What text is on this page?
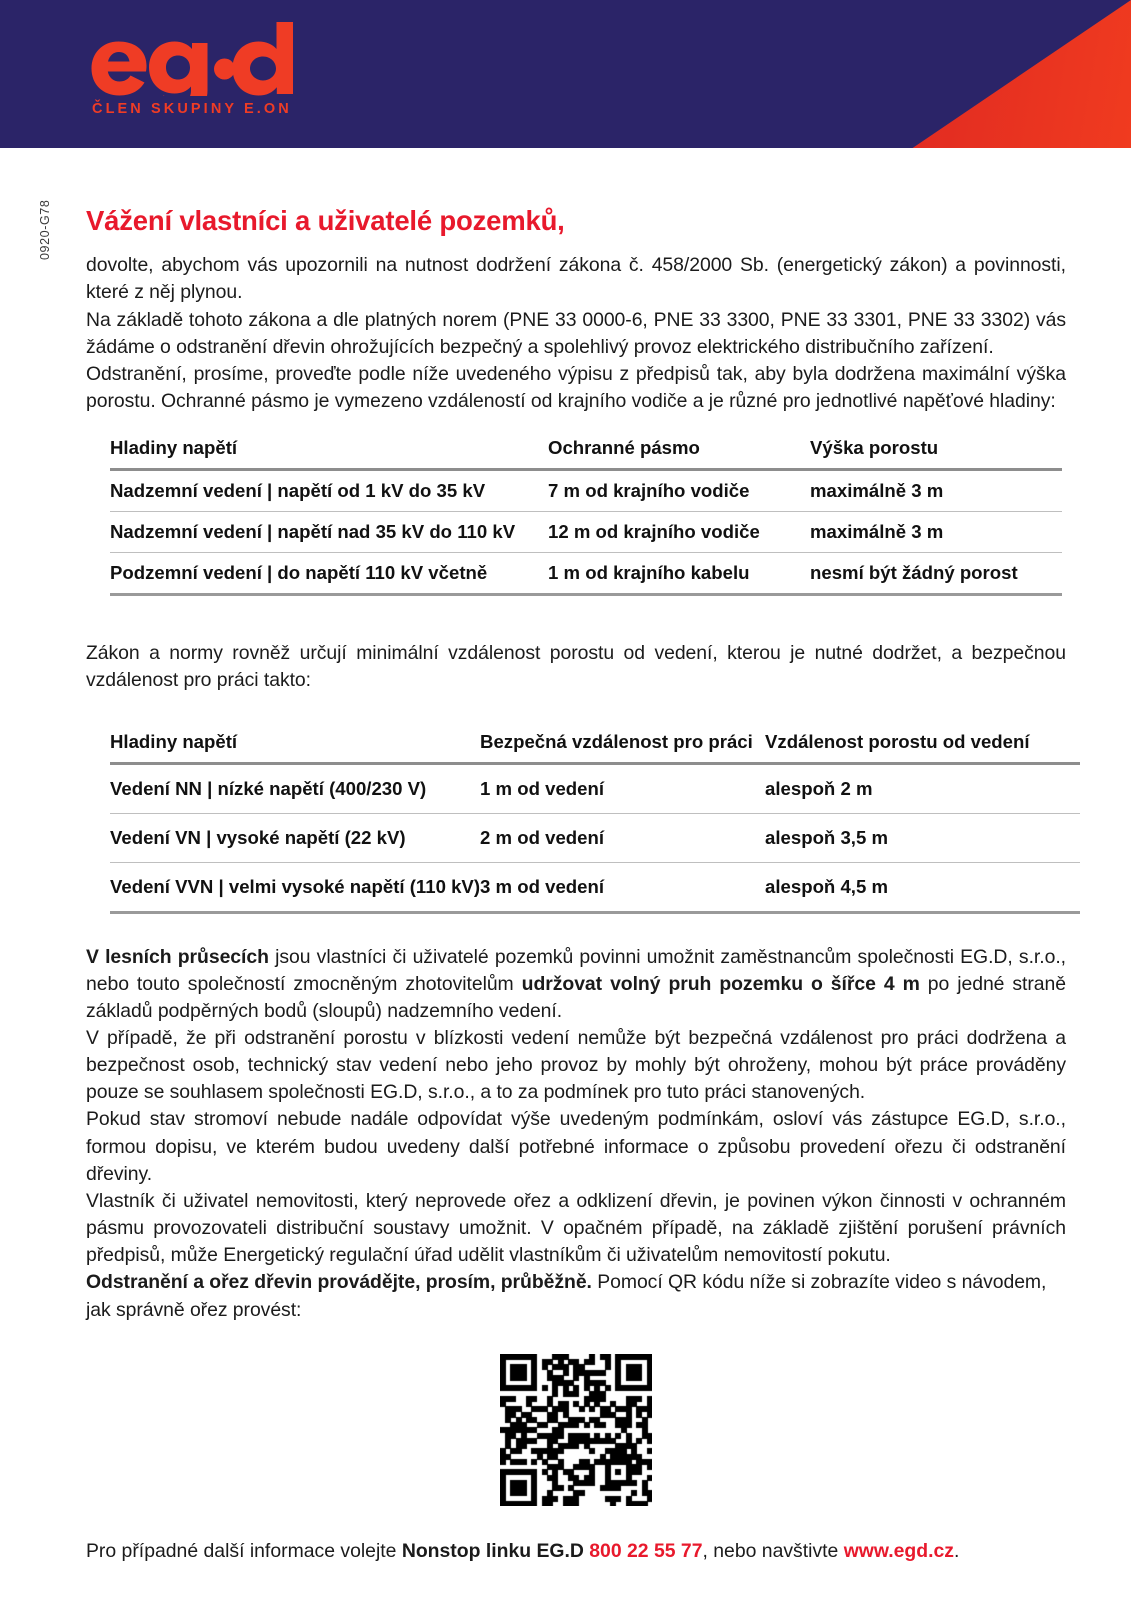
ČLEN SKUPINY E.ON
0920-G78 Vážení vlastníci a uživatelé pozemků,

dovolte, abychom vás upozornili na nutnost dodržení zákona č. 458/2000 Sb. (energetický zákon) a povinnosti, které z něj plynou.

Na základě tohoto zákona a dle platných norem (PNE 33 0000-6, PNE 33 3300, PNE 33 3301, PNE 33 3302) vás žádáme o odstranění dřevin ohrožujících bezpečný a spolehlivý provoz elektrického distribučního zařízení.

Odstranění, prosíme, proveďte podle níže uvedeného výpisu z předpisů tak, aby byla dodržena maximální výška porostu. Ochranné pásmo je vymezeno vzdáleností od krajního vodiče a je různé pro jednotlivé napěťové hladiny:

Hladiny napětí	Ochranné pásmo	Výška porostu
Nadzemní vedení | napětí od 1 kV do 35 kV	7 m od krajního vodiče	maximálně 3 m
Nadzemní vedení | napětí nad 35 kV do 110 kV	12 m od krajního vodiče	maximálně 3 m
Podzemní vedení | do napětí 110 kV včetně	1 m od krajního kabelu	nesmí být žádný porost

Zákon a normy rovněž určují minimální vzdálenost porostu od vedení, kterou je nutné dodržet, a bezpečnou vzdálenost pro práci takto:

Hladiny napětí	Bezpečná vzdálenost pro práci	Vzdálenost porostu od vedení
Vedení NN | nízké napětí (400/230 V)	1 m od vedení	alespoň 2 m
Vedení VN | vysoké napětí (22 kV)	2 m od vedení	alespoň 3,5 m
Vedení VVN | velmi vysoké napětí (110 kV)	3 m od vedení	alespoň 4,5 m

V lesních průsecích jsou vlastníci či uživatelé pozemků povinni umožnit zaměstnancům společnosti EG.D, s.r.o., nebo touto společností zmocněným zhotovitelům udržovat volný pruh pozemku o šířce 4 m po jedné straně základů podpěrných bodů (sloupů) nadzemního vedení.

V případě, že při odstranění porostu v blízkosti vedení nemůže být bezpečná vzdálenost pro práci dodržena a bezpečnost osob, technický stav vedení nebo jeho provoz by mohly být ohroženy, mohou být práce prováděny pouze se souhlasem společnosti EG.D, s.r.o., a to za podmínek pro tuto práci stanovených.

Pokud stav stromoví nebude nadále odpovídat výše uvedeným podmínkám, osloví vás zástupce EG.D, s.r.o., formou dopisu, ve kterém budou uvedeny další potřebné informace o způsobu provedení ořezu či odstranění dřeviny.

Vlastník či uživatel nemovitosti, který neprovede ořez a odklizení dřevin, je povinen výkon činnosti v ochranném pásmu provozovateli distribuční soustavy umožnit. V opačném případě, na základě zjištění porušení právních předpisů, může Energetický regulační úřad udělit vlastníkům či uživatelům nemovitostí pokutu.

Odstranění a ořez dřevin provádějte, prosím, průběžně. Pomocí QR kódu níže si zobrazíte video s návodem, jak správně ořez provést:

Pro případné další informace volejte Nonstop linku EG.D 800 22 55 77, nebo navštivte www.egd.cz.
